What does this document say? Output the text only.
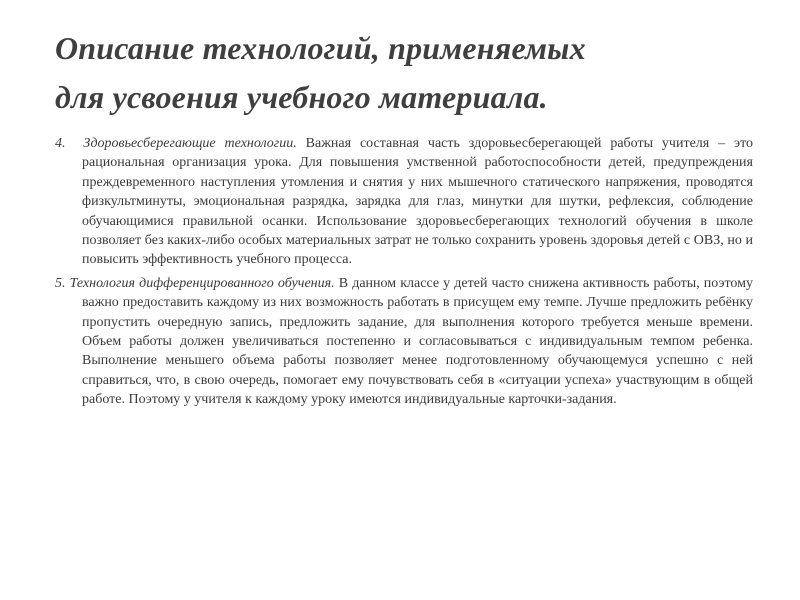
Описание технологий, применяемых
для усвоения учебного материала.

4. Здоровьесберегающие технологии. Важная составная часть здоровьесберегающей работы учителя – это рациональная организация урока. Для повышения умственной работоспособности детей, предупреждения преждевременного наступления утомления и снятия у них мышечного статического напряжения, проводятся физкультминуты, эмоциональная разрядка, зарядка для глаз, минутки для шутки, рефлексия, соблюдение обучающимися правильной осанки. Использование здоровьесберегающих технологий обучения в школе позволяет без каких-либо особых материальных затрат не только сохранить уровень здоровья детей с ОВЗ, но и повысить эффективность учебного процесса.

5. Технология дифференцированного обучения. В данном классе у детей часто снижена активность работы, поэтому важно предоставить каждому из них возможность работать в присущем ему темпе. Лучше предложить ребёнку пропустить очередную запись, предложить задание, для выполнения которого требуется меньше времени. Объем работы должен увеличиваться постепенно и согласовываться с индивидуальным темпом ребенка. Выполнение меньшего объема работы позволяет менее подготовленному обучающемуся успешно с ней справиться, что, в свою очередь, помогает ему почувствовать себя в «ситуации успеха» участвующим в общей работе. Поэтому у учителя к каждому уроку имеются индивидуальные карточки-задания.
